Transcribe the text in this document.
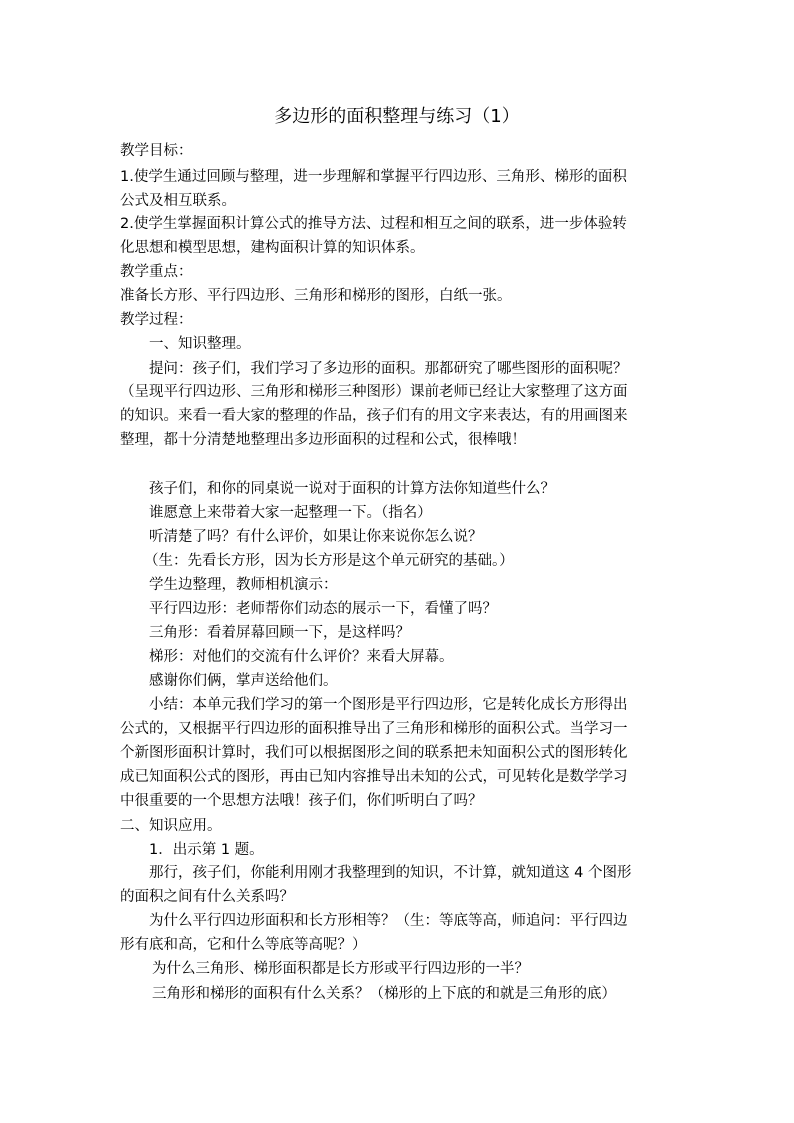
多边形的面积整理与练习（1）
教学目标：
1.使学生通过回顾与整理，进一步理解和掌握平行四边形、三角形、梯形的面积
公式及相互联系。
2.使学生掌握面积计算公式的推导方法、过程和相互之间的联系，进一步体验转
化思想和模型思想，建构面积计算的知识体系。
教学重点：
准备长方形、平行四边形、三角形和梯形的图形，白纸一张。
教学过程：
一、知识整理。
提问：孩子们，我们学习了多边形的面积。那都研究了哪些图形的面积呢？
（呈现平行四边形、三角形和梯形三种图形）课前老师已经让大家整理了这方面
的知识。来看一看大家的整理的作品，孩子们有的用文字来表达，有的用画图来
整理，都十分清楚地整理出多边形面积的过程和公式，很棒哦！
孩子们，和你的同桌说一说对于面积的计算方法你知道些什么？
谁愿意上来带着大家一起整理一下。（指名）
听清楚了吗？有什么评价，如果让你来说你怎么说？
（生：先看长方形，因为长方形是这个单元研究的基础。）
学生边整理，教师相机演示：
平行四边形：老师帮你们动态的展示一下，看懂了吗？
三角形：看着屏幕回顾一下，是这样吗？
梯形：对他们的交流有什么评价？来看大屏幕。
感谢你们俩，掌声送给他们。
小结：本单元我们学习的第一个图形是平行四边形，它是转化成长方形得出
公式的，又根据平行四边形的面积推导出了三角形和梯形的面积公式。当学习一
个新图形面积计算时，我们可以根据图形之间的联系把未知面积公式的图形转化
成已知面积公式的图形，再由已知内容推导出未知的公式，可见转化是数学学习
中很重要的一个思想方法哦！孩子们，你们听明白了吗？
二、知识应用。
1．出示第 1 题。
那行，孩子们，你能利用刚才我整理到的知识，不计算，就知道这 4 个图形
的面积之间有什么关系吗？
为什么平行四边形面积和长方形相等？（生：等底等高，师追问：平行四边
形有底和高，它和什么等底等高呢？）
为什么三角形、梯形面积都是长方形或平行四边形的一半？
三角形和梯形的面积有什么关系？（梯形的上下底的和就是三角形的底）
